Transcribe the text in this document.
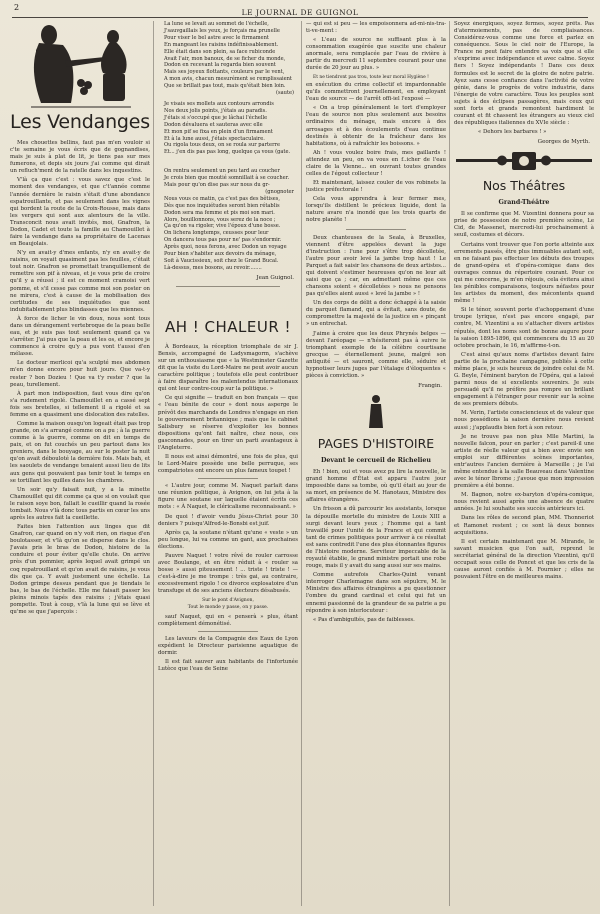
2
LE JOURNAL DE GUIGNOL
Les Vendanges

Mes chouettes bellins, faut pas m'en vouloir si c'te semaine je vous écris que de gognandises, mais je suis à plat de lit, je tiens pas sur mes fumerons, et depis six jours j'ai comme qui dirait un refluch'ment de la ratelle dans les inquestins.

V'là ça que c'est : vous savez que c'est le moment des vendanges, et que c't'année comme l'année dernière le raisin s'était d'une abondance espatrouillante, et pas seulement dans les vignes qui bordent la route de la Croix-Rousse, mais dans les vergers qui sont aux alentours de la ville. Transconcit nous avait invités, moi, Gnafron, la Dodon, Cadet et toute la famille au Chamouillet à faire la vendange dans sa propriétaire de Lacenas en Beaujolais.

N'y en avait-y d'mes enfants, n'y en avait-y de raisins, on voyait quasiment pas les feuilles, c'était tout noir. Gnafron se promettait tranquillement de remettre son pif à niveau, et je vous prie de croire qu'il y a réussi ; il est ce moment cramoisi vert pomme, et s'il cesse pas comme moi son poster on ne mirera, c'est à cause de la mobilisation des certitudes de ses inquiétudes que sont indubitablement plus blindasses que les miennes.

À force de licher le vin doux, nous sont tous dans un dérangement vertebroque de la peau belle eau, et je suis pas tout seulement quand ça va s'arrêter. J'ai pus que la peau et les os, et encore je commence à croire qu'y a pus vont t'aussi d'en mélasse.

Le docteur merlicoi qu'a sculpté mes abdomen m'en donne encore pour huit jours. Que va-t-y rester ? bon Dozieu ! Que va t'y rester ? que la peau, turellement.

À part mon indisposition, faut vous dire qu'on s'a rudement rigolé. Chamouillet en a cassé sept fois ses bretelles, si tellement il a rigolé et sa femme en a quasiment une dislocation des ratelles.

Comme la maison ousqu'on logeait était pas trop grande, on s'a arrangé comme on a pu ; à la guerre comme à la guerre, comme on dit en temps de paix, et on fut couchés un peu partout dans les greniers, dans le bouyage, au sur le poster la nuit qu'on avait débouloté la dernière fois. Mais bah, et les saoulets de vendange tenaient aussi lieu de lits aux gens qui pouvaient pas tenir tout le temps en se tortillant les quilles dans les chambres.

Un soir qu'y faisait nuit, y a la minette Chamouillet qui dit comme ça que si on voulait que le raison soye bon, fallait le cueillir quand la rosée tombait. Nous v'là donc tous partis en cœur les uns après les autres fait la cueillette.

Faites bien l'attention aux linges que dit Gnafron, car quand on n'y voit rien, on risque d'en boulotasser, et v'là qu'on se disperse dans le clos. J'avais pris le bras de Dodon, histoire de la conduire et pour éviter qu'elle chute. On arrive près d'un pommier, après lequel avait grimpé un coq repatrouillant et qu'on avait de raisins, je vous dis que ça. Y avait justement une échelle. La Dodon grimpe dessus pendant que je tiendais le bas, le bas de l'échelle. Elle me faisait passer les pleins minois tapés des raisins ; j'étais quasi pompette. Tout à coup, v'là la lune qui se lève et qu'me se que j'aperçois :

La lune se levait au sommet de l'échelle,

J'sauvgaillais les yeux, je forçais ma prunelle

Pour viser le bel astre avec le firmament

En mangeant les raisins indéfinissablement.

Elle était dans son plein, sa face rubiconde

Avait l'air, mon banoux, de se ficher du monde,

Dodon en recevant la regarda bien souvent

Mais ses joyeux flottants, couleurs par le vent,

A mon avis, chacun mesurément se remplissaient

Que se brillait pas tout, mais qu'était bien loin.

(saute)

Je visais ses mollets aux contours arrondis

Nos deux jolis points, j'étais au paradis.

J'étais si s'occupé que je lâchai l'échelle

Dodon dévaluera et sauteras avec elle

Et mon pif se fixa en plein d'un firmament

Et à la lune aussi, j'étais spectaculaire.

Ou rigola tous deux, on se roula sur parterre

Et... j'en dis pas pas long, quelque ça vous (gate.

On rentra seulement un peu tard au coucher

Je crois bien que moutié somnillait à se coucher.

Mais pour qu'on dise pas sur nous du gr-

(gnognoter

Nous vous ce matin, ça c'est pas des bêtises,

Dès que nos inquiétudes seront bien rétablis

Dodon sera ma femme et pis moi son mari.

Alors, bouillonnons, vous serez de la noce ;

Ça qu'on va rigoler, vive l'époux d'une bosse.

On lichera longtemps, ceusses pour leur

On dancera tous pas pour ne' pas s'endormir.

Après quoi, nous ferons, avec Dodon un voyage

Pour bien s'habiter aux devoirs du ménage,

Soit à Vaucissieux, soit chez le Grand Bucal.

Là-dessus, mes bosons, au revoir........

Jean Guignol.

AH ! CHALEUR !

À Bordeaux, la réception triomphale de sir J. Bensis, accompagné de Ladysmagorm, s'achève sur un enthousiasme que « la Westminster Gazette dit que la visite du Lord-Maire ne peut avoir aucun caractère politique ; toutefois elle peut contribuer à faire disparaître les malentendus internationaux qui ont leur contre-coup sur la politique. »

Ce qui signifie — traduit en bon français — que « l'eau bénite de cour » dont nous asperge le prévôt des marchands de Londres n'engage en rien le gouvernement britannique ; mais que le cabinet Salisbury se réserve d'exploiter les bonnes dispositions qu'ont fait naître, chez nous, ces gasconnades, pour en tirer un parti avantageux à l'Angleterre.

Il nous est ainsi démontré, une fois de plus, qui le Lord-Maire possède une belle perruque, ses compatriotes ont encore un plus fameux toupet !

« L'autre jour, comme M. Naquet parlait dans une réunion politique, à Avignon, on lui jeta à la figure une soutane sur laquelle étaient écrits ces mots : « À Naquet, le cléricalisme reconnaissant. »

De quoi ! d'avoir vendu Jésus-Christ pour 30 deniers ? puisqu'Alfred-le-Bonsbi est juif.

Après ça, la soutane n'étant qu'une « veste » un peu longue, lui va comme un gant, aux prochaines élections.

Pauvre Naquet ! votre rêvé de rouler carrosse avec Boulange, et en être réduit à « rouler sa bosse » aussi piteusement ! ... triste ! triste ! — c'est-à-dire je me trompe : très gai, au contraire, excessivement rigolo ! ce divorce explosatoire d'un transfuge et de ses anciens électeurs désabusés.

Sur le pont d'Avignon,
Tout le monde y passe, on y passe.

sauf Naquet, qui en « penserà » plus, étant complètement démonétisé.

Les laveurs de la Compagnie des Eaux de Lyon expédient le Directeur parisienne aquatique de dormir.

Il est fait sauver aux habitants de l'infortunée Lutèce que l'eau de Seine

— qui est si peu — les empoisonnera ad-mi-nis-tra-ti-ve-ment :

« L'eau de source ne suffisant plus à la consommation exagérée que suscite une chaleur anormale, sera remplacée par l'eau de rivière à partir du mercredi 11 septembre courant pour une durée de 20 jour au plus. »

Et ne tiendront pas trou, toute leur moral Hygiène !

en exécution du crime collectif et impardonnable qu'ils commettront journellement, en employant l'eau de source — de l'arrêt offi-iel l'exposé —

« On a trop généralement le tort d'employer l'eau de source non plus seulement aux besoins ordinaires du ménage, mais encore à des arrosages et à des écoulements d'eau continue destinés à obtenir de la fraîcheur dans les habitations, où à rafraîchir les boissons. »

Ah ! vous voulez boire frais, mes gaillards ! attendez un peu, on va vous en f..icher de l'eau claire de la Vienne... en ouvrant toutes grandes celles de l'égout collecteur !

Et maintenant, laissez couler de vos robinets la justice préfectorale !

Cela vous apprendra à leur fermer mes, lorsqu'ils distillent le précieux liquide, dont la nature avare n'a inondé que les trois quarts de notre planète !

Deux chanteuses de la Seala, à Bruxelles, viennent d'être appelées devant la juge d'instruction : l'une pour s'être trop décolletée, l'autre pour avoir levé la jambe trop haut ! Le Parquet a fait saisir les chansons de deux artistes... qui doivent s'estimer heureuses qu'on ne leur ait saisi que ça ; car, en admettant même que ces chansons soient « décolletées » nous ne pensons pas qu'elles aient aussi « levé la jambe » !

Un des corps de délit a donc échappé à la saisie du parquet flamand, qui a évitait, sans doute, de compromettre la majesté de la justice en « pinçant » un entrechat.

J'aime à croire que les deux Phrynés belges — devant l'aréopage — n'hésiteront pas à suivre le triomphant exemple de la célèbre courtisane grecque — éternellement jeune, malgré son antiquité — et sauront, comme elle, séduire et hypnotiser leurs juges par l'étalage d'éloquentes « pièces à conviction. »

Frangin.

PAGES D'HISTOIRE
Devant le cercueil de Richelieu

Eh ! bien, oui et vous avez pu lire la nouvelle, le grand homme d'État est apparu l'autre jour impossible dans sa tombe, où qu'il était au jour de sa mort, en présence de M. Hanotaux, Ministre des affaires étrangères.

Un frisson a dû parcourir les assistants, lorsque la dépouille mortelle du ministre de Louis XIII a surgi devant leurs yeux ; l'homme qui a tant travaillé pour l'unité de la France et qui commit tant de crimes politiques pour arriver à ce résultat est sans contredit l'une des plus étonnantes figures de l'histoire moderne. Serviteur impeccable de la royauté établie, le grand ministre portait une robe rouge, mais il y avait du sang aussi sur ses mains.

Comme autrefois Charles-Quint venant interroger Charlemagne dans son sépulcre, M. le Ministre des affaires étrangères a pu questionner l'ombre du grand cardinal et celui qui fut un ennemi passionné de la grandeur de sa patrie a pu répondre à son interlocuteur :

« Pas d'ambiguïtés, pas de faiblesses.

Soyez énergiques, soyez fermes, soyez prêts. Pas d'atermoiements, pas de compliaisances. Considérez-vous comme une force et parlez en conséquence. Sous le ciel noir de l'Europe, la France ne peut faire entendre sa voix que si elle s'exprime avec indépendance et avec calme. Soyez fiers ! Soyez indépendants ! Dans ces deux formules est le secret de la gloire de notre patrie. Ayez sans cesse confiance dans l'activité de votre génie, dans le progrès de votre industrie, dans l'énergie de votre caractère. Tous les peuples sont sujets à des éclipses passagères, mais ceux qui sont forts et grands remontent hardiment le courant et fit chassent les étrangers au vieux ciel des républiques italiennes du XVIe siècle :

« Dehors les barbares ! »

Georges de Myrth.

Nos Théâtres
Grand-Théâtre

Il se confirme que M. Vizentini donnera pour sa prise de possession de notre première scène, Le Cid, de Massenet, mercredi-lui prochainement à seuil, costumes et décors.

Certains vont trouver que l'on porte atteinte aux errements passés, être plus immuables autant soit, en ne faisant pas effectuer les débuts des troupes de grand-opéra et d'opéra-comique dans des ouvrages connus du répertoire courant. Pour ce qui me concerne, je m'en réjouis, cela évitera ainsi les pénibles comparaisons, toujours néfastes pour les artistes du moment, des mécontents quand même !

Si le ténor, souvent porte d'achoppement d'une troupe lyrique, n'est pas encore engagé, par contre, M. Vizentini a su s'attacher divers artistes réputés, dont les noms sont de bonne augure pour la saison 1895-1896, qui commencera du 15 au 20 octobre prochain, le 16, m'affirme-t-on.

C'est ainsi qu'aux noms d'artistes devant faire partie de la prochaine campagne, publiés à cette même place, je suis heureux de joindre celui de M. G. Beyle, l'éminent baryton de l'Opéra, qui a laissé parmi nous de si excellents souvenirs. Je suis persuadé qu'il ne préfère pas rompre un brillant engagement à l'étranger pour revenir sur la scène de ses premiers débuts.

M. Verin, l'artiste consciencieux et de valeur que nous possédions la saison dernière nous revient aussi ; j'applaudis bien fort à son retour.

Je ne trouve pas non plus Mlle Martini, la nouvelle falcon, pour en parler ; c'est pareil-il une artiste de réelle valeur qui a bien avec envie son emploi sur différentes scènes importantes, entr'autres l'ancien dernière à Marseille ; je l'ai même entendue à la salle Beauveau dans Valentine avec le ténor Ibrome ; j'avoue que mon impression première a été bonne.

M. Bagnon, notre ex-baryton d'opéra-comique, nous revient aussi après une absence de quatre années. Je lui souhaite ses succès antérieurs ici.

Dans les rôles de second plan, MM. Thonneriot et Ramonet restent ; ce sont là deux bonnes acquisitions.

Il est certain maintenant que M. Mirande, le savant musicien que l'on sait, reprend le secrétariat général de la direction Vizentini, qu'il occupait sous celle de Poncet et que les cris de la cause auront confiés à M. Fournier ; elles ne pouvaient l'être en de meilleures mains.
